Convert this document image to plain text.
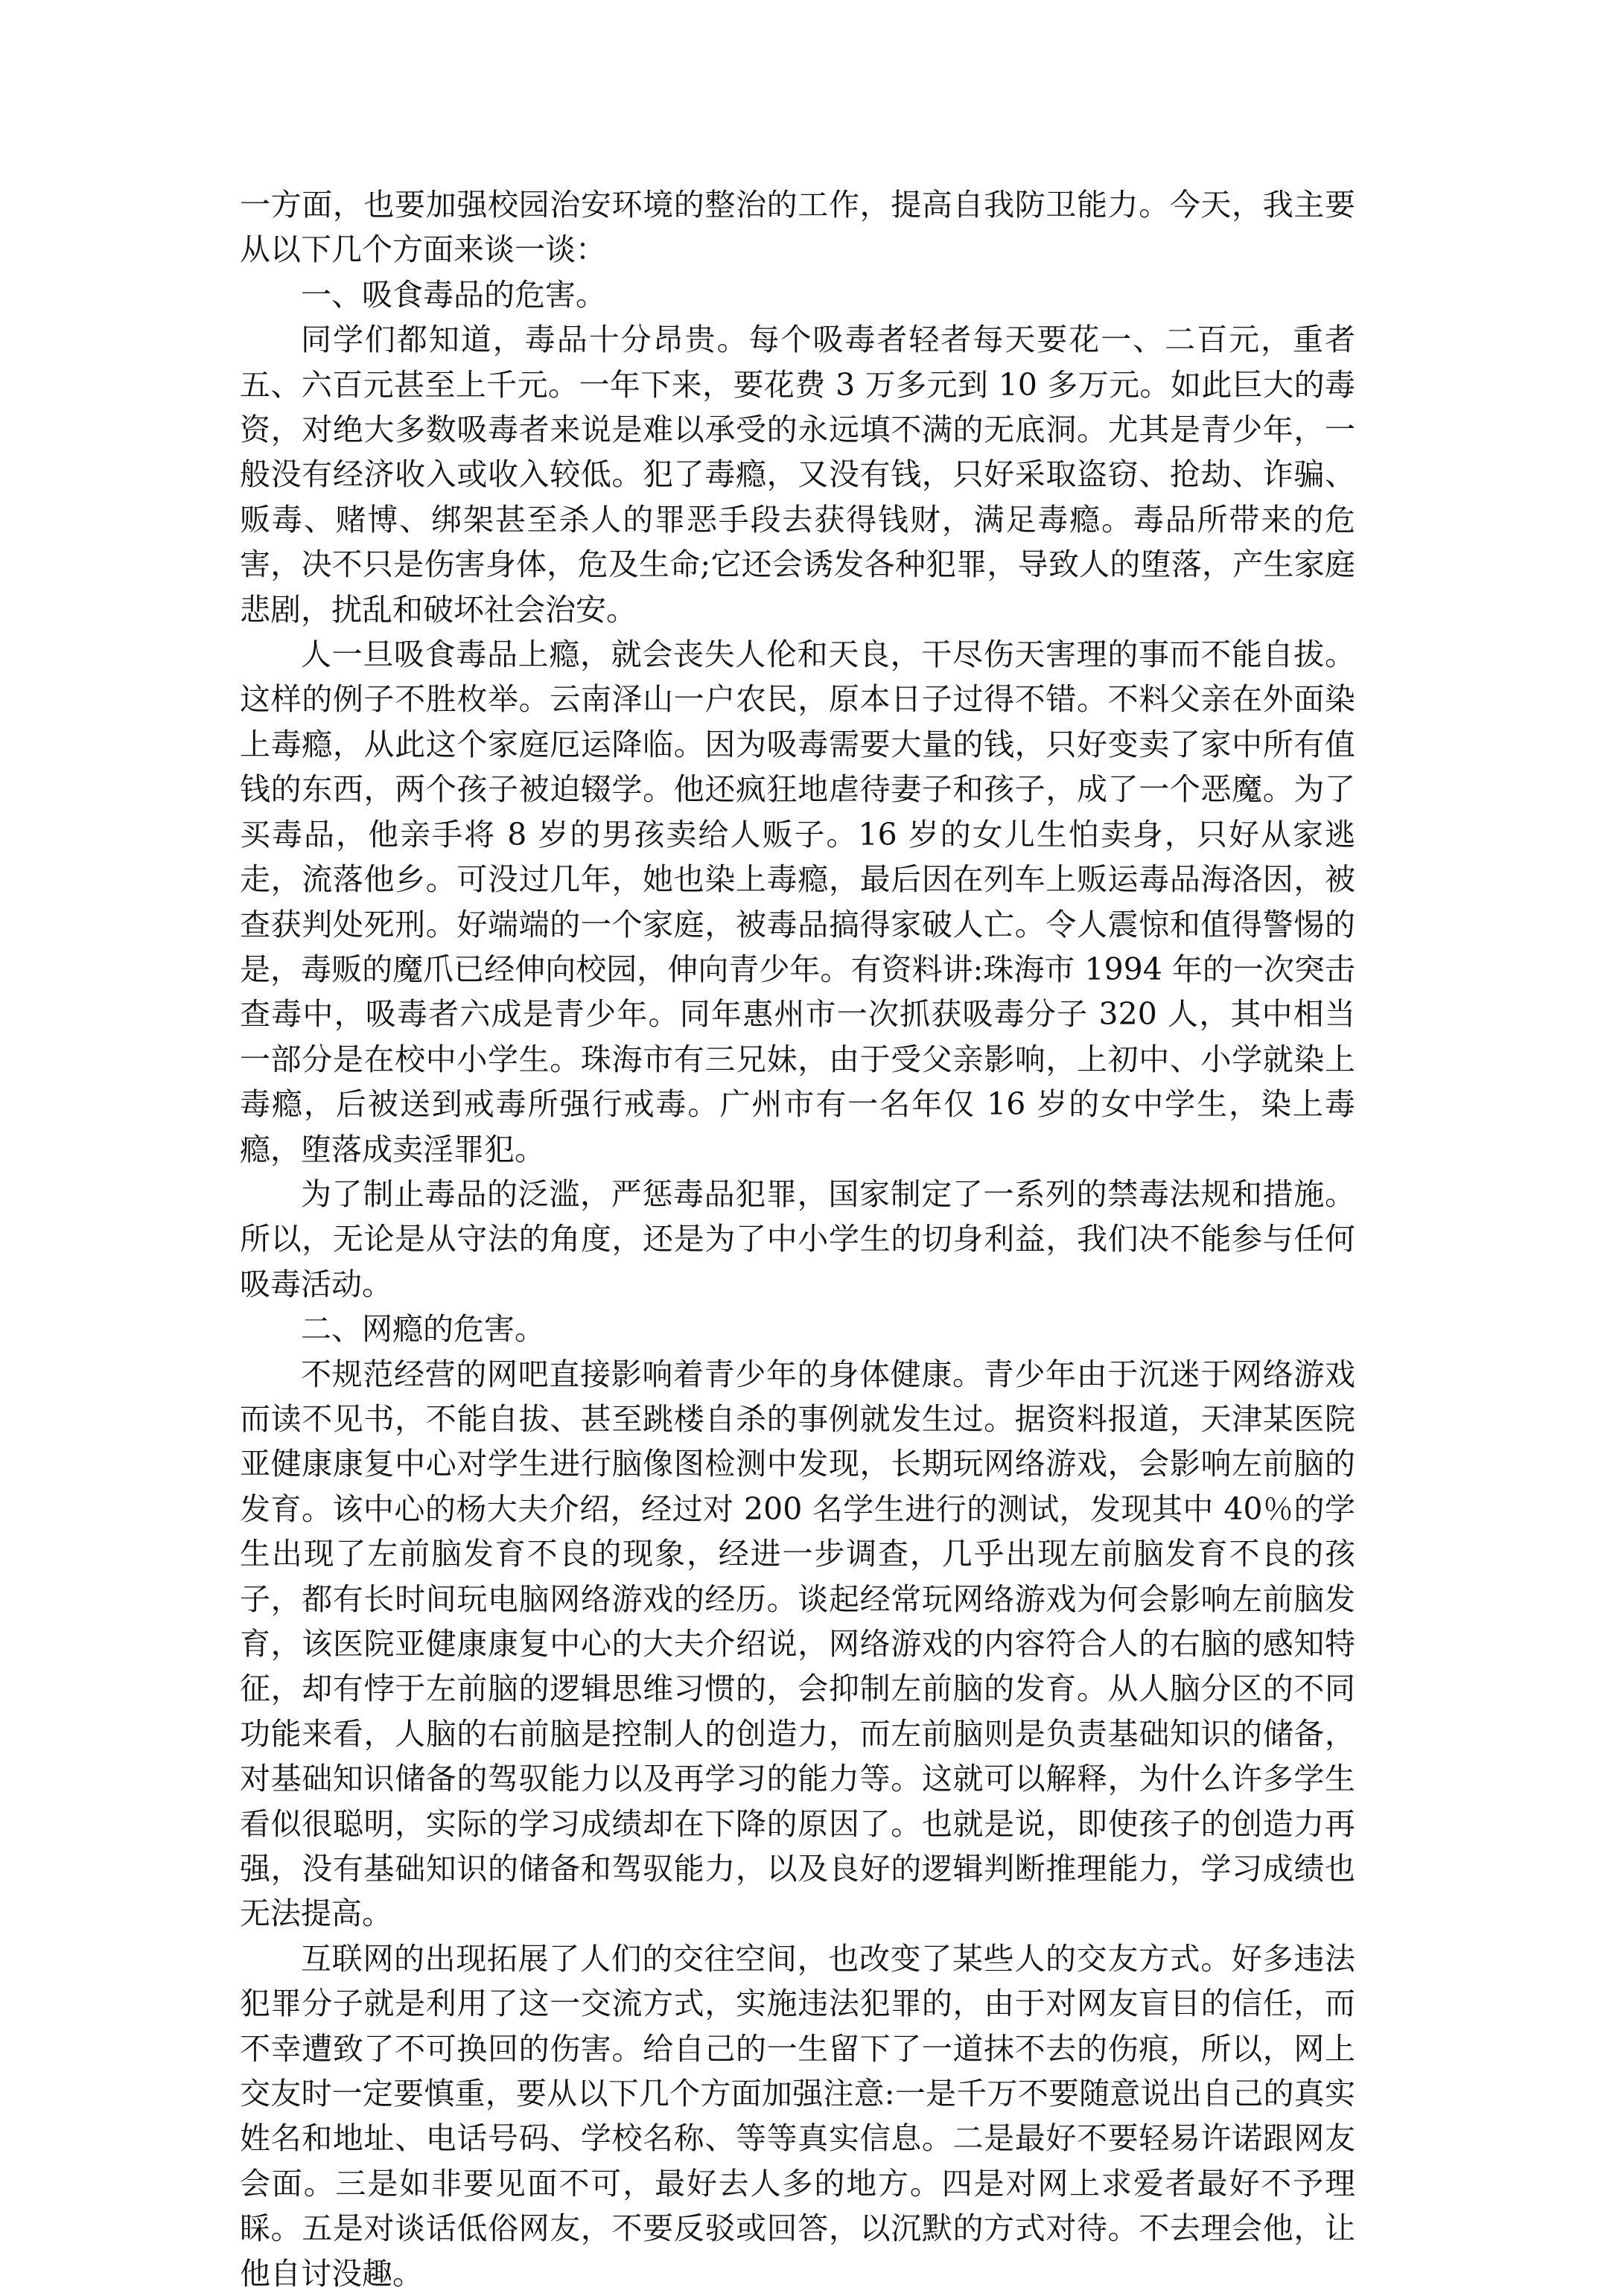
一方面，也要加强校园治安环境的整治的工作，提高自我防卫能力。今天，我主要从以下几个方面来谈一谈：

一、吸食毒品的危害。

同学们都知道，毒品十分昂贵。每个吸毒者轻者每天要花一、二百元，重者五、六百元甚至上千元。一年下来，要花费 3 万多元到 10 多万元。如此巨大的毒资，对绝大多数吸毒者来说是难以承受的永远填不满的无底洞。尤其是青少年，一般没有经济收入或收入较低。犯了毒瘾，又没有钱，只好采取盗窃、抢劫、诈骗、贩毒、赌博、绑架甚至杀人的罪恶手段去获得钱财，满足毒瘾。毒品所带来的危害，决不只是伤害身体，危及生命;它还会诱发各种犯罪，导致人的堕落，产生家庭悲剧，扰乱和破坏社会治安。

人一旦吸食毒品上瘾，就会丧失人伦和天良，干尽伤天害理的事而不能自拔。这样的例子不胜枚举。云南泽山一户农民，原本日子过得不错。不料父亲在外面染上毒瘾，从此这个家庭厄运降临。因为吸毒需要大量的钱，只好变卖了家中所有值钱的东西，两个孩子被迫辍学。他还疯狂地虐待妻子和孩子，成了一个恶魔。为了买毒品，他亲手将 8 岁的男孩卖给人贩子。16 岁的女儿生怕卖身，只好从家逃走，流落他乡。可没过几年，她也染上毒瘾，最后因在列车上贩运毒品海洛因，被查获判处死刑。好端端的一个家庭，被毒品搞得家破人亡。令人震惊和值得警惕的是，毒贩的魔爪已经伸向校园，伸向青少年。有资料讲:珠海市 1994 年的一次突击查毒中，吸毒者六成是青少年。同年惠州市一次抓获吸毒分子 320 人，其中相当一部分是在校中小学生。珠海市有三兄妹，由于受父亲影响，上初中、小学就染上毒瘾，后被送到戒毒所强行戒毒。广州市有一名年仅 16 岁的女中学生，染上毒瘾，堕落成卖淫罪犯。

为了制止毒品的泛滥，严惩毒品犯罪，国家制定了一系列的禁毒法规和措施。所以，无论是从守法的角度，还是为了中小学生的切身利益，我们决不能参与任何吸毒活动。

二、网瘾的危害。

不规范经营的网吧直接影响着青少年的身体健康。青少年由于沉迷于网络游戏而读不见书，不能自拔、甚至跳楼自杀的事例就发生过。据资料报道，天津某医院亚健康康复中心对学生进行脑像图检测中发现，长期玩网络游戏，会影响左前脑的发育。该中心的杨大夫介绍，经过对 200 名学生进行的测试，发现其中 40％的学生出现了左前脑发育不良的现象，经进一步调查，几乎出现左前脑发育不良的孩子，都有长时间玩电脑网络游戏的经历。谈起经常玩网络游戏为何会影响左前脑发育，该医院亚健康康复中心的大夫介绍说，网络游戏的内容符合人的右脑的感知特征，却有悖于左前脑的逻辑思维习惯的，会抑制左前脑的发育。从人脑分区的不同功能来看，人脑的右前脑是控制人的创造力，而左前脑则是负责基础知识的储备，对基础知识储备的驾驭能力以及再学习的能力等。这就可以解释，为什么许多学生看似很聪明，实际的学习成绩却在下降的原因了。也就是说，即使孩子的创造力再强，没有基础知识的储备和驾驭能力，以及良好的逻辑判断推理能力，学习成绩也无法提高。

互联网的出现拓展了人们的交往空间，也改变了某些人的交友方式。好多违法犯罪分子就是利用了这一交流方式，实施违法犯罪的，由于对网友盲目的信任，而不幸遭致了不可换回的伤害。给自己的一生留下了一道抹不去的伤痕，所以，网上交友时一定要慎重，要从以下几个方面加强注意:一是千万不要随意说出自己的真实姓名和地址、电话号码、学校名称、等等真实信息。二是最好不要轻易许诺跟网友会面。三是如非要见面不可，最好去人多的地方。四是对网上求爱者最好不予理睬。五是对谈话低俗网友，不要反驳或回答，以沉默的方式对待。不去理会他，让他自讨没趣。
